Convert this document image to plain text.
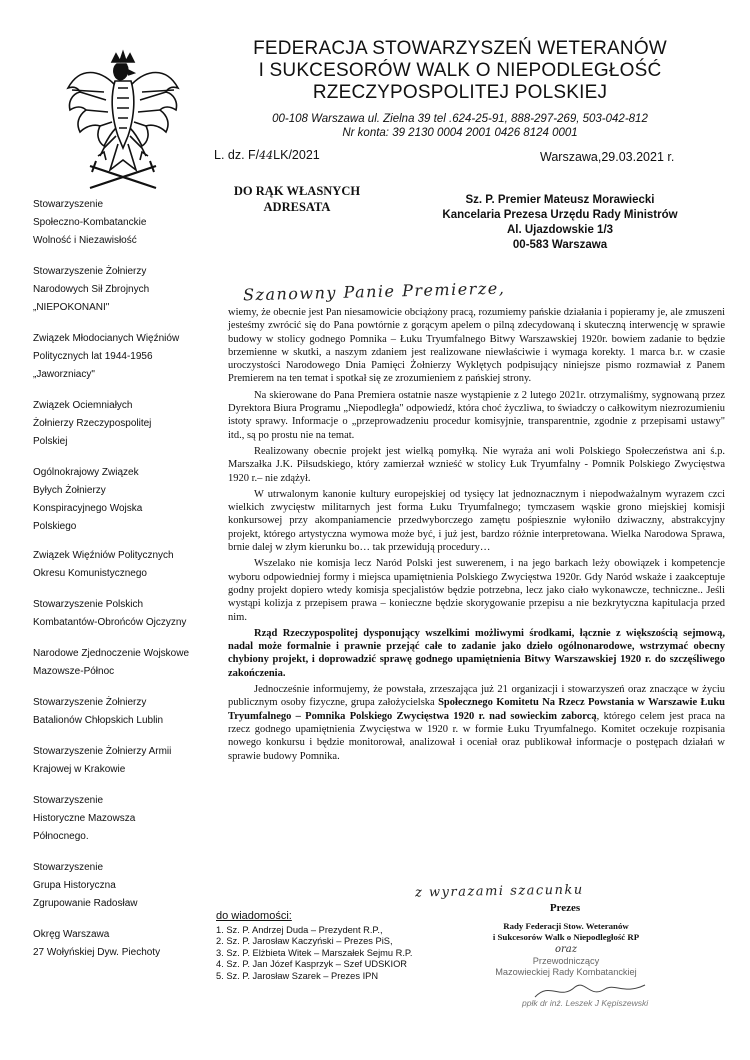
FEDERACJA STOWARZYSZEŃ WETERANÓW
I SUKCESORÓW WALK O NIEPODLEGŁOŚĆ
RZECZYPOSPOLITEJ POLSKIEJ
00-108 Warszawa ul. Zielna 39 tel .624-25-91, 888-297-269, 503-042-812
Nr konta: 39 2130 0004 2001 0426 8124 0001
L. dz. F/44LK/2021	Warszawa,29.03.2021 r.
Stowarzyszenie
Społeczno-Kombatanckie
Wolność i Niezawisłość
Stowarzyszenie Żołnierzy
Narodowych Sił Zbrojnych
„NIEPOKONANI"
Związek Młodocianych Więźniów
Politycznych lat 1944-1956
„Jaworzniacy"
Związek Ociemniałych
Żołnierzy Rzeczypospolitej
Polskiej
Ogólnokrajowy Związek
Byłych Żołnierzy
Konspiracyjnego Wojska
Polskiego
Związek Więźniów Politycznych
Okresu Komunistycznego
Stowarzyszenie Polskich
Kombatantów-Obrońców Ojczyzny
Narodowe Zjednoczenie Wojskowe
Mazowsze-Północ
Stowarzyszenie Żołnierzy
Batalionów Chłopskich Lublin
Stowarzyszenie Żołnierzy Armii
Krajowej w Krakowie
Stowarzyszenie
Historyczne Mazowsza
Północnego.
Stowarzyszenie
Grupa Historyczna
Zgrupowanie Radosław
Okręg Warszawa
27 Wołyńskiej Dyw. Piechoty
DO RĄK WŁASNYCH
ADRESATA	Sz. P. Premier Mateusz Morawiecki
Kancelaria Prezesa Urzędu Rady Ministrów
Al. Ujazdowskie 1/3
00-583 Warszawa
Szanowny Panie Premierze,

wiemy, że obecnie jest Pan niesamowicie obciążony pracą, rozumiemy pańskie działania i popieramy je, ale zmuszeni jesteśmy zwrócić się do Pana powtórnie z gorącym apelem o pilną zdecydowaną i skuteczną interwencję w sprawie budowy w stolicy godnego Pomnika – Łuku Tryumfalnego Bitwy Warszawskiej 1920r. bowiem zadanie to będzie brzemienne w skutki, a naszym zdaniem jest realizowane niewłaściwie i wymaga korekty. 1 marca b.r. w czasie uroczystości Narodowego Dnia Pamięci Żołnierzy Wyklętych podpisujący niniejsze pismo rozmawiał z Panem Premierem na ten temat i spotkał się ze zrozumieniem z pańskiej strony.

Na skierowane do Pana Premiera ostatnie nasze wystąpienie z 2 lutego 2021r. otrzymaliśmy, sygnowaną przez Dyrektora Biura Programu „Niepodległa" odpowiedź, która choć życzliwa, to świadczy o całkowitym niezrozumieniu istoty sprawy. Informacje o „przeprowadzeniu procedur komisyjnie, transparentnie, zgodnie z przepisami ustawy" itd., są po prostu nie na temat.

Realizowany obecnie projekt jest wielką pomyłką. Nie wyraża ani woli Polskiego Społeczeństwa ani ś.p. Marszałka J.K. Piłsudskiego, który zamierzał wznieść w stolicy Łuk Tryumfalny - Pomnik Polskiego Zwycięstwa 1920 r.– nie zdążył.

W utrwalonym kanonie kultury europejskiej od tysięcy lat jednoznacznym i niepodważalnym wyrazem czci wielkich zwycięstw militarnych jest forma Łuku Tryumfalnego; tymczasem wąskie grono miejskiej komisji konkursowej przy akompaniamencie przedwyborczego zamętu pośpiesznie wyłoniło dziwaczny, abstrakcyjny projekt, którego artystyczna wymowa może być, i już jest, bardzo różnie interpretowana. Wielka Narodowa Sprawa, brnie dalej w złym kierunku bo… tak przewidują procedury…

Wszelako nie komisja lecz Naród Polski jest suwerenem, i na jego barkach leży obowiązek i kompetencje wyboru odpowiedniej formy i miejsca upamiętnienia Polskiego Zwycięstwa 1920r. Gdy Naród wskaże i zaakceptuje godny projekt dopiero wtedy komisja specjalistów będzie potrzebna, lecz jako ciało wykonawcze, techniczne.. Jeśli wystąpi kolizja z przepisem prawa – konieczne będzie skorygowanie przepisu a nie bezkrytyczna kapitulacja przed nim.

Rząd Rzeczypospolitej dysponujący wszelkimi możliwymi środkami, łącznie z większością sejmową, nadal może formalnie i prawnie przejąć całe to zadanie jako dzieło ogólnonarodowe, wstrzymać obecny chybiony projekt, i doprowadzić sprawę godnego upamiętnienia Bitwy Warszawskiej 1920 r. do szczęśliwego zakończenia.

Jednocześnie informujemy, że powstała, zrzeszająca już 21 organizacji i stowarzyszeń oraz znaczące w życiu publicznym osoby fizyczne, grupa założycielska Społecznego Komitetu Na Rzecz Powstania w Warszawie Łuku Tryumfalnego – Pomnika Polskiego Zwycięstwa 1920 r. nad sowieckim zaborcą, którego celem jest praca na rzecz godnego upamiętnienia Zwycięstwa w 1920 r. w formie Łuku Tryumfalnego. Komitet oczekuje rozpisania nowego konkursu i będzie monitorował, analizował i oceniał oraz publikował informacje o postępach działań w sprawie budowy Pomnika.

z wyrazami szacunku
Prezes
Rady Federacji Stow. Weteranów
i Sukcesorów Walk o Niepodległość RP
oraz
Przewodniczący
Mazowieckiej Rady Kombatanckiej
ppłk dr inż. Leszek J Kępiszewski
do wiadomości:
1. Sz. P. Andrzej Duda – Prezydent R.P.,
2. Sz. P. Jarosław Kaczyński – Prezes PiS,
3. Sz. P. Elżbieta Witek – Marszałek Sejmu R.P.
4. Sz. P. Jan Józef Kasprzyk – Szef UDSKIOR
5. Sz. P. Jarosław Szarek – Prezes IPN
